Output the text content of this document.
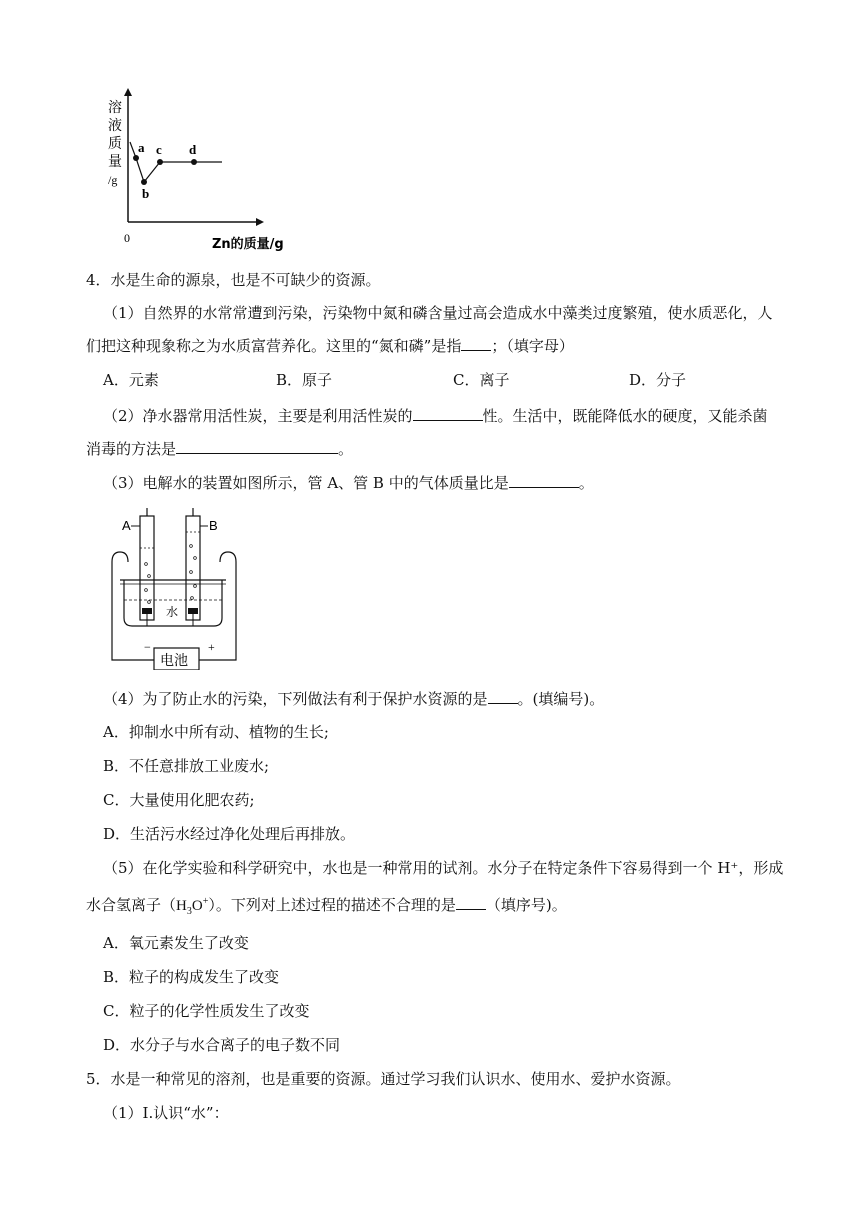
a
b
c d
0	Zn的质量/g
溶
液
质
量
/g
4．水是生命的源泉，也是不可缺少的资源。
（1）自然界的水常常遭到污染，污染物中氮和磷含量过高会造成水中藻类过度繁殖，使水质恶化，人
们把这种现象称之为水质富营养化。这里的“氮和磷”是指 ；（填字母）
A．元素	B．原子	C．离子	D．分子
（2）净水器常用活性炭，主要是利用活性炭的	性。生活中，既能降低水的硬度，又能杀菌
消毒的方法是	。
（3）电解水的装置如图所示，管 A、管 B 中的气体质量比是	。
电池
−	+
水
A	B
（4）为了防止水的污染，下列做法有利于保护水资源的是 。(填编号)。
A．抑制水中所有动、植物的生长;
B．不任意排放工业废水;
C．大量使用化肥农药;
D．生活污水经过净化处理后再排放。
（5）在化学实验和科学研究中，水也是一种常用的试剂。水分子在特定条件下容易得到一个 H⁺，形成
水合氢离子$(H_3O^+)$。下列对上述过程的描述不合理的是 （填序号)。
A．氧元素发生了改变
B．粒子的构成发生了改变
C．粒子的化学性质发生了改变
D．水分子与水合离子的电子数不同
5．水是一种常见的溶剂，也是重要的资源。通过学习我们认识水、使用水、爱护水资源。
（1）I.认识“水”：
